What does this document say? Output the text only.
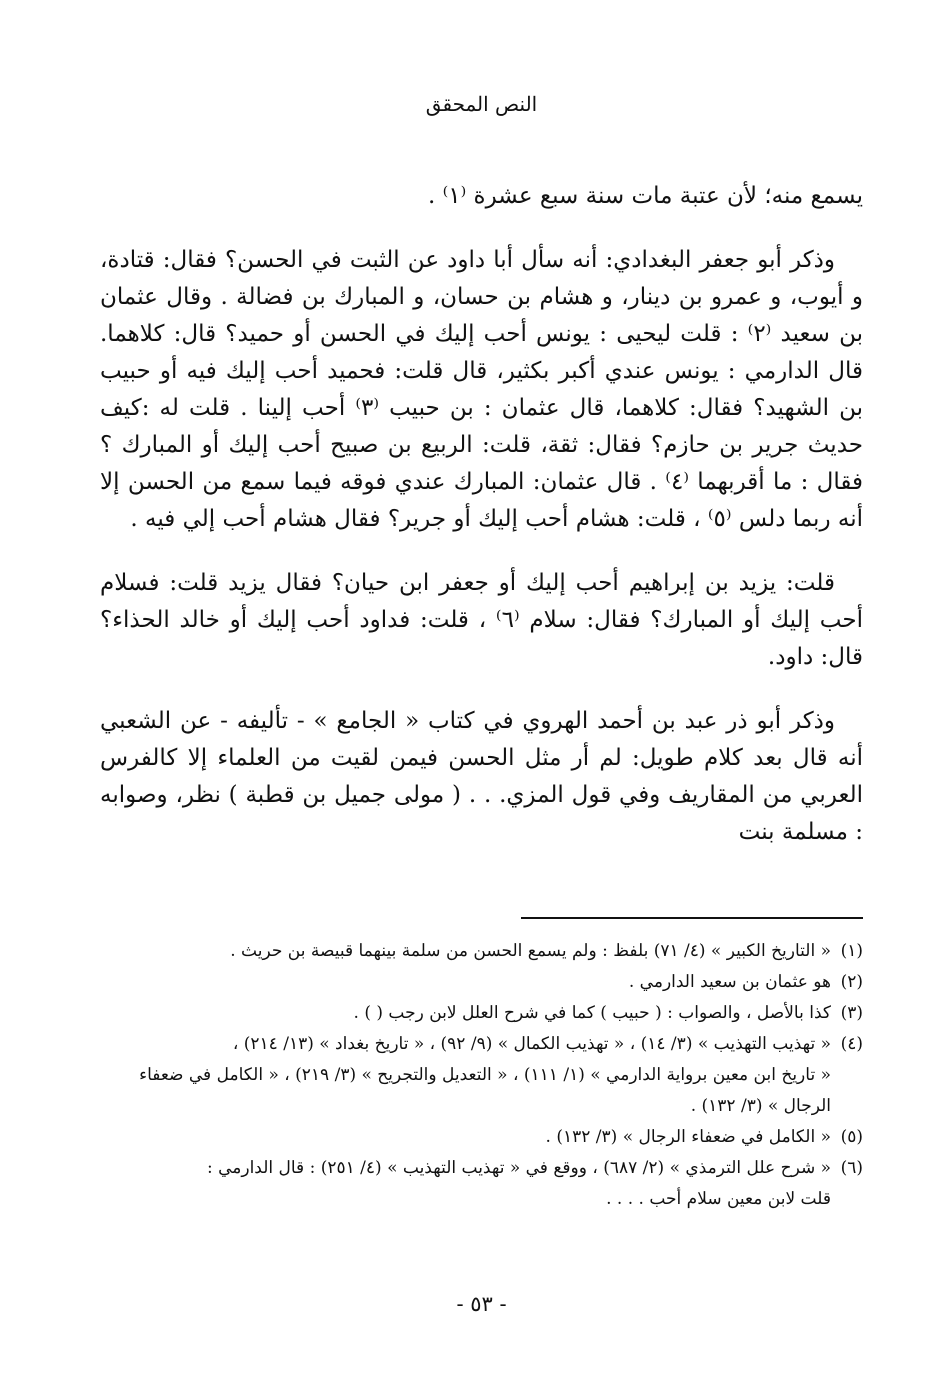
النص المحقق

يسمع منه؛ لأن عتبة مات سنة سبع عشرة ⁽١⁾ .

وذكر أبو جعفر البغدادي: أنه سأل أبا داود عن الثبت في الحسن؟ فقال: قتادة، و أيوب، و عمرو بن دينار، و هشام بن حسان، و المبارك بن فضالة . وقال عثمان بن سعيد ⁽٢⁾ : قلت ليحيى : يونس أحب إليك في الحسن أو حميد؟ قال: كلاهما. قال الدارمي : يونس عندي أكبر بكثير، قال قلت: فحميد أحب إليك فيه أو حبيب بن الشهيد؟ فقال: كلاهما، قال عثمان : بن حبيب ⁽٣⁾ أحب إلينا . قلت له :كيف حديث جرير بن حازم؟ فقال: ثقة، قلت: الربيع بن صبيح أحب إليك أو المبارك ؟ فقال : ما أقربهما ⁽٤⁾ . قال عثمان: المبارك عندي فوقه فيما سمع من الحسن إلا أنه ربما دلس ⁽٥⁾ ، قلت: هشام أحب إليك أو جرير؟ فقال هشام أحب إلي فيه .

قلت: يزيد بن إبراهيم أحب إليك أو جعفر ابن حيان؟ فقال يزيد قلت: فسلام أحب إليك أو المبارك؟ فقال: سلام ⁽٦⁾ ، قلت: فداود أحب إليك أو خالد الحذاء؟ قال: داود.

وذكر أبو ذر عبد بن أحمد الهروي في كتاب « الجامع » - تأليفه - عن الشعبي أنه قال بعد كلام طويل: لم أر مثل الحسن فيمن لقيت من العلماء إلا كالفرس العربي من المقاريف وفي قول المزي. . . ( مولى جميل بن قطبة ) نظر، وصوابه : مسلمة بنت

(١)
« التاريخ الكبير » (٤/ ٧١) بلفظ : ولم يسمع الحسن من سلمة بينهما قبيصة بن حريث .
(٢)
هو عثمان بن سعيد الدارمي .
(٣)
كذا بالأصل ، والصواب : ( حبيب ) كما في شرح العلل لابن رجب ( ) .
(٤)
« تهذيب التهذيب » (٣/ ١٤) ، « تهذيب الكمال » (٩/ ٩٢) ، « تاريخ بغداد » (١٣/ ٢١٤) ،
« تاريخ ابن معين برواية الدارمي » (١/ ١١١) ، « التعديل والتجريح » (٣/ ٢١٩) ، « الكامل في ضعفاء الرجال » (٣/ ١٣٢) .
(٥)
« الكامل في ضعفاء الرجال » (٣/ ١٣٢) .
(٦)
« شرح علل الترمذي » (٢/ ٦٨٧) ، ووقع في « تهذيب التهذيب » (٤/ ٢٥١) : قال الدارمي :
قلت لابن معين سلام أحب . . . .
- ٥٣ -
